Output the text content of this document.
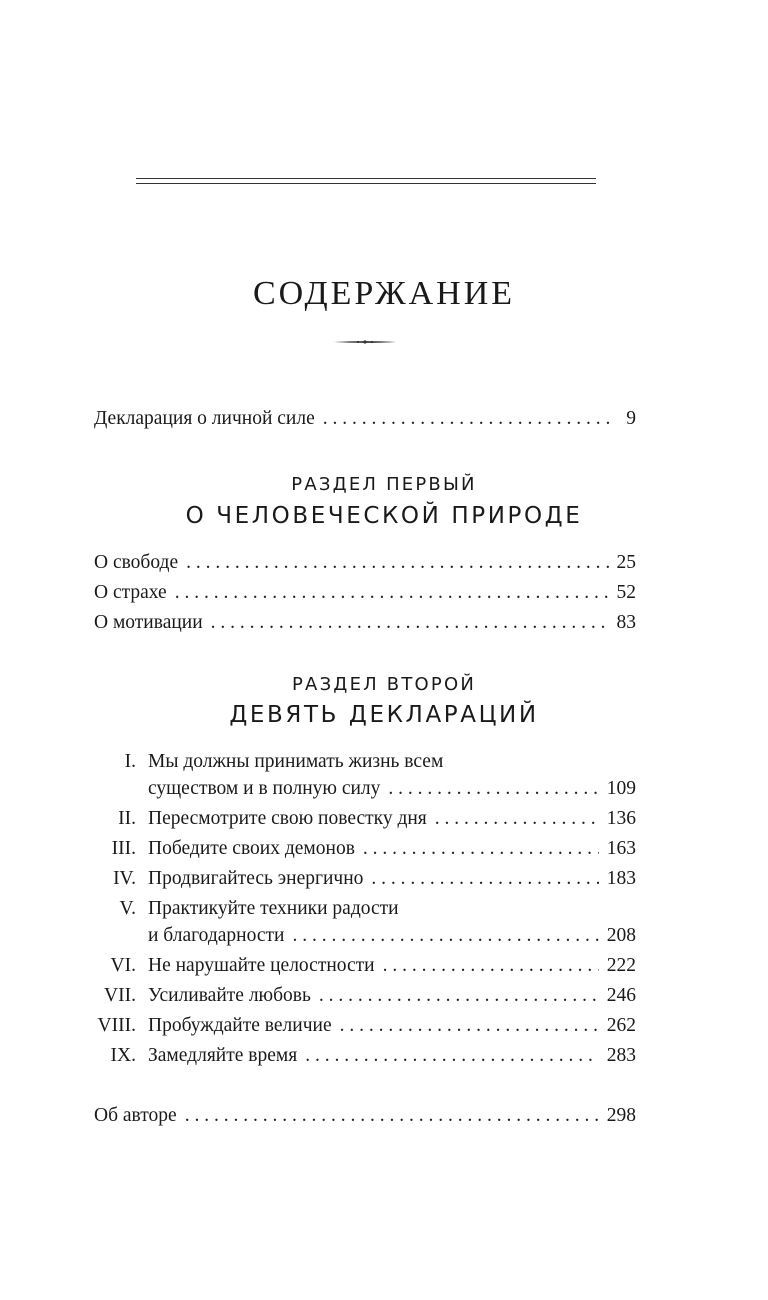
СОДЕРЖАНИЕ
Декларация о личной силе . . .	9
РАЗДЕЛ ПЕРВЫЙ
О ЧЕЛОВЕЧЕСКОЙ ПРИРОДЕ
О свободе . . .	25
О страхе . . .	52
О мотивации . . .	83
РАЗДЕЛ ВТОРОЙ
ДЕВЯТЬ ДЕКЛАРАЦИЙ
I. Мы должны принимать жизнь всем
существом и в полную силу . . .	109
II. Пересмотрите свою повестку дня . . .	136
III. Победите своих демонов . . .	163
IV. Продвигайтесь энергично . . .	183
V. Практикуйте техники радости
и благодарности . . .	208
VI. Не нарушайте целостности . . .	222
VII. Усиливайте любовь . . .	246
VIII. Пробуждайте величие . . .	262
IX. Замедляйте время . . .	283
Об авторе . . .	298
